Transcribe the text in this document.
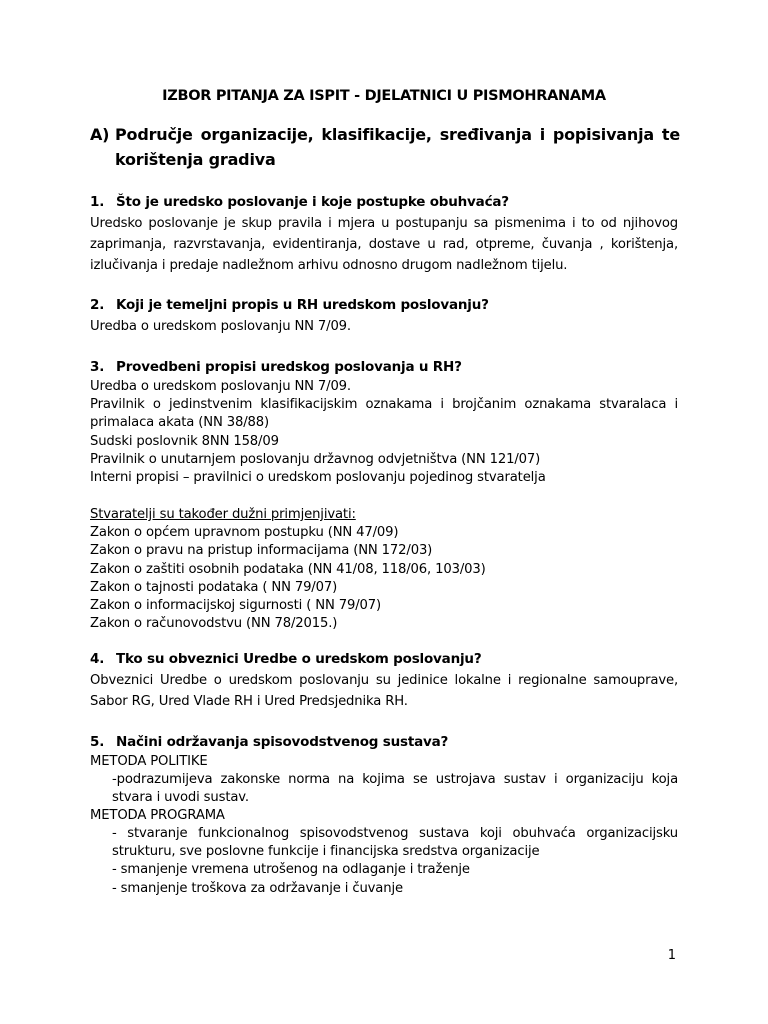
IZBOR PITANJA ZA ISPIT - DJELATNICI U PISMOHRANAMA
A) Područje organizacije, klasifikacije, sređivanja i popisivanja te korištenja gradiva
1. Što je uredsko poslovanje i koje postupke obuhvaća?
Uredsko poslovanje je skup pravila i mjera u postupanju sa pismenima i to od njihovog zaprimanja, razvrstavanja, evidentiranja, dostave u rad, otpreme, čuvanja , korištenja, izlučivanja i predaje nadležnom arhivu odnosno drugom nadležnom tijelu.
2. Koji je temeljni propis u RH uredskom poslovanju?
Uredba o uredskom poslovanju NN 7/09.
3. Provedbeni propisi uredskog poslovanja u RH?
Uredba o uredskom poslovanju NN 7/09.
Pravilnik o jedinstvenim klasifikacijskim oznakama i brojčanim oznakama stvaralaca i primalaca akata (NN 38/88)
Sudski poslovnik 8NN 158/09
Pravilnik o unutarnjem poslovanju državnog odvjetništva (NN 121/07)
Interni propisi – pravilnici o uredskom poslovanju pojedinog stvaratelja
Stvaratelji su također dužni primjenjivati:
Zakon o općem upravnom postupku (NN 47/09)
Zakon o pravu na pristup informacijama (NN 172/03)
Zakon o zaštiti osobnih podataka (NN 41/08, 118/06, 103/03)
Zakon o tajnosti podataka ( NN 79/07)
Zakon o informacijskoj sigurnosti ( NN 79/07)
Zakon o računovodstvu (NN 78/2015.)
4. Tko su obveznici Uredbe o uredskom poslovanju?
Obveznici Uredbe o uredskom poslovanju su jedinice lokalne i regionalne samouprave, Sabor RG, Ured Vlade RH i Ured Predsjednika RH.
5. Načini održavanja spisovodstvenog sustava?
METODA POLITIKE
-podrazumijeva zakonske norma na kojima se ustrojava sustav i organizaciju koja stvara i uvodi sustav.
METODA PROGRAMA
- stvaranje funkcionalnog spisovodstvenog sustava koji obuhvaća organizacijsku strukturu, sve poslovne funkcije i financijska sredstva organizacije
- smanjenje vremena utrošenog na odlaganje i traženje
- smanjenje troškova za održavanje i čuvanje
1
